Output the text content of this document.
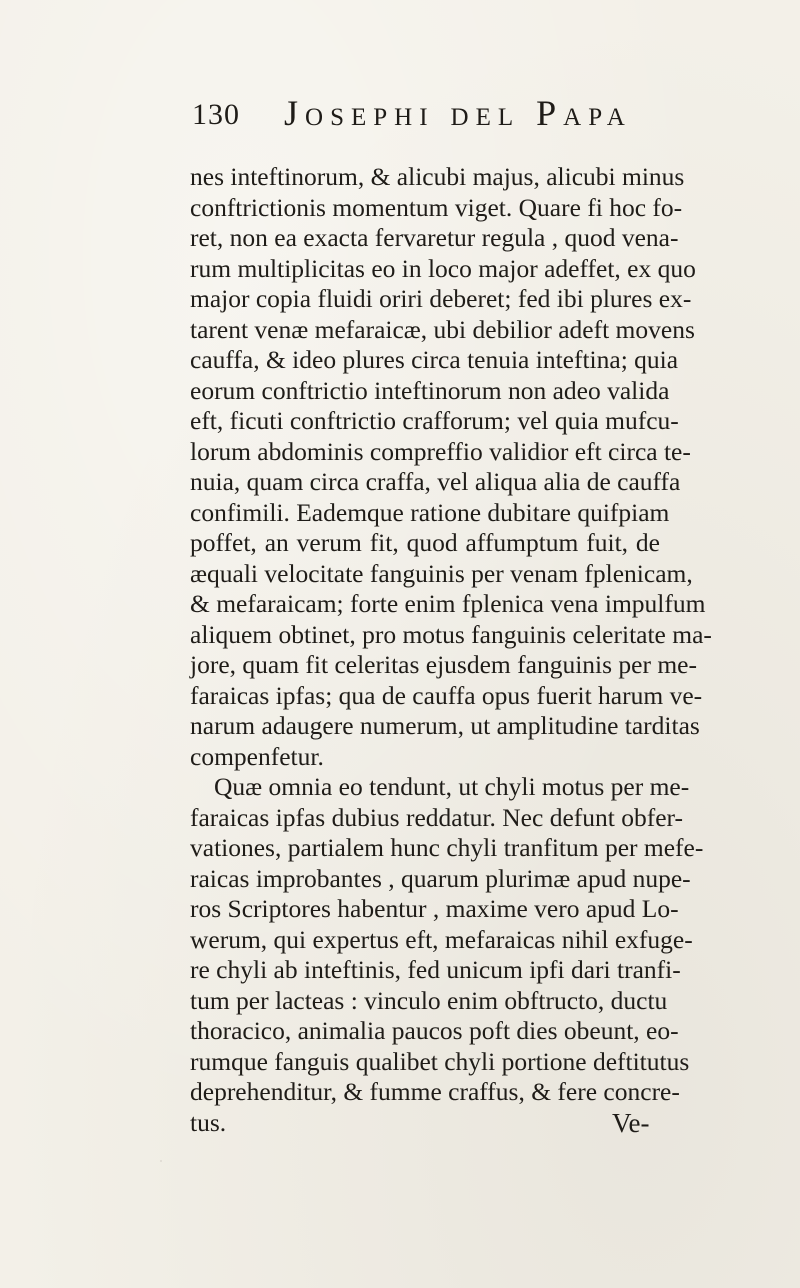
130 Josephi del Papa
nes inteftinorum, & alicubi majus, alicubi minus
conftrictionis momentum viget. Quare fi hoc fo-
ret, non ea exacta fervaretur regula , quod vena-
rum multiplicitas eo in loco major adeffet, ex quo
major copia fluidi oriri deberet; fed ibi plures ex-
tarent venæ mefaraicæ, ubi debilior adeft movens
cauffa, & ideo plures circa tenuia inteftina; quia
eorum conftrictio inteftinorum non adeo valida
eft, ficuti conftrictio crafforum; vel quia mufcu-
lorum abdominis compreffio validior eft circa te-
nuia, quam circa craffa, vel aliqua alia de cauffa
confimili. Eademque ratione dubitare quifpiam
poffet, an verum fit, quod affumptum fuit, de
æquali velocitate fanguinis per venam fplenicam,
& mefaraicam; forte enim fplenica vena impulfum
aliquem obtinet, pro motus fanguinis celeritate ma-
jore, quam fit celeritas ejusdem fanguinis per me-
faraicas ipfas; qua de cauffa opus fuerit harum ve-
narum adaugere numerum, ut amplitudine tarditas
compenfetur.
Quæ omnia eo tendunt, ut chyli motus per me-
faraicas ipfas dubius reddatur. Nec defunt obfer-
vationes, partialem hunc chyli tranfitum per mefe-
raicas improbantes , quarum plurimæ apud nupe-
ros Scriptores habentur , maxime vero apud Lo-
werum, qui expertus eft, mefaraicas nihil exfuge-
re chyli ab inteftinis, fed unicum ipfi dari tranfi-
tum per lacteas : vinculo enim obftructo, ductu
thoracico, animalia paucos poft dies obeunt, eo-
rumque fanguis qualibet chyli portione deftitutus
deprehenditur, & fumme craffus, & fere concre-
tus.	Ve-
